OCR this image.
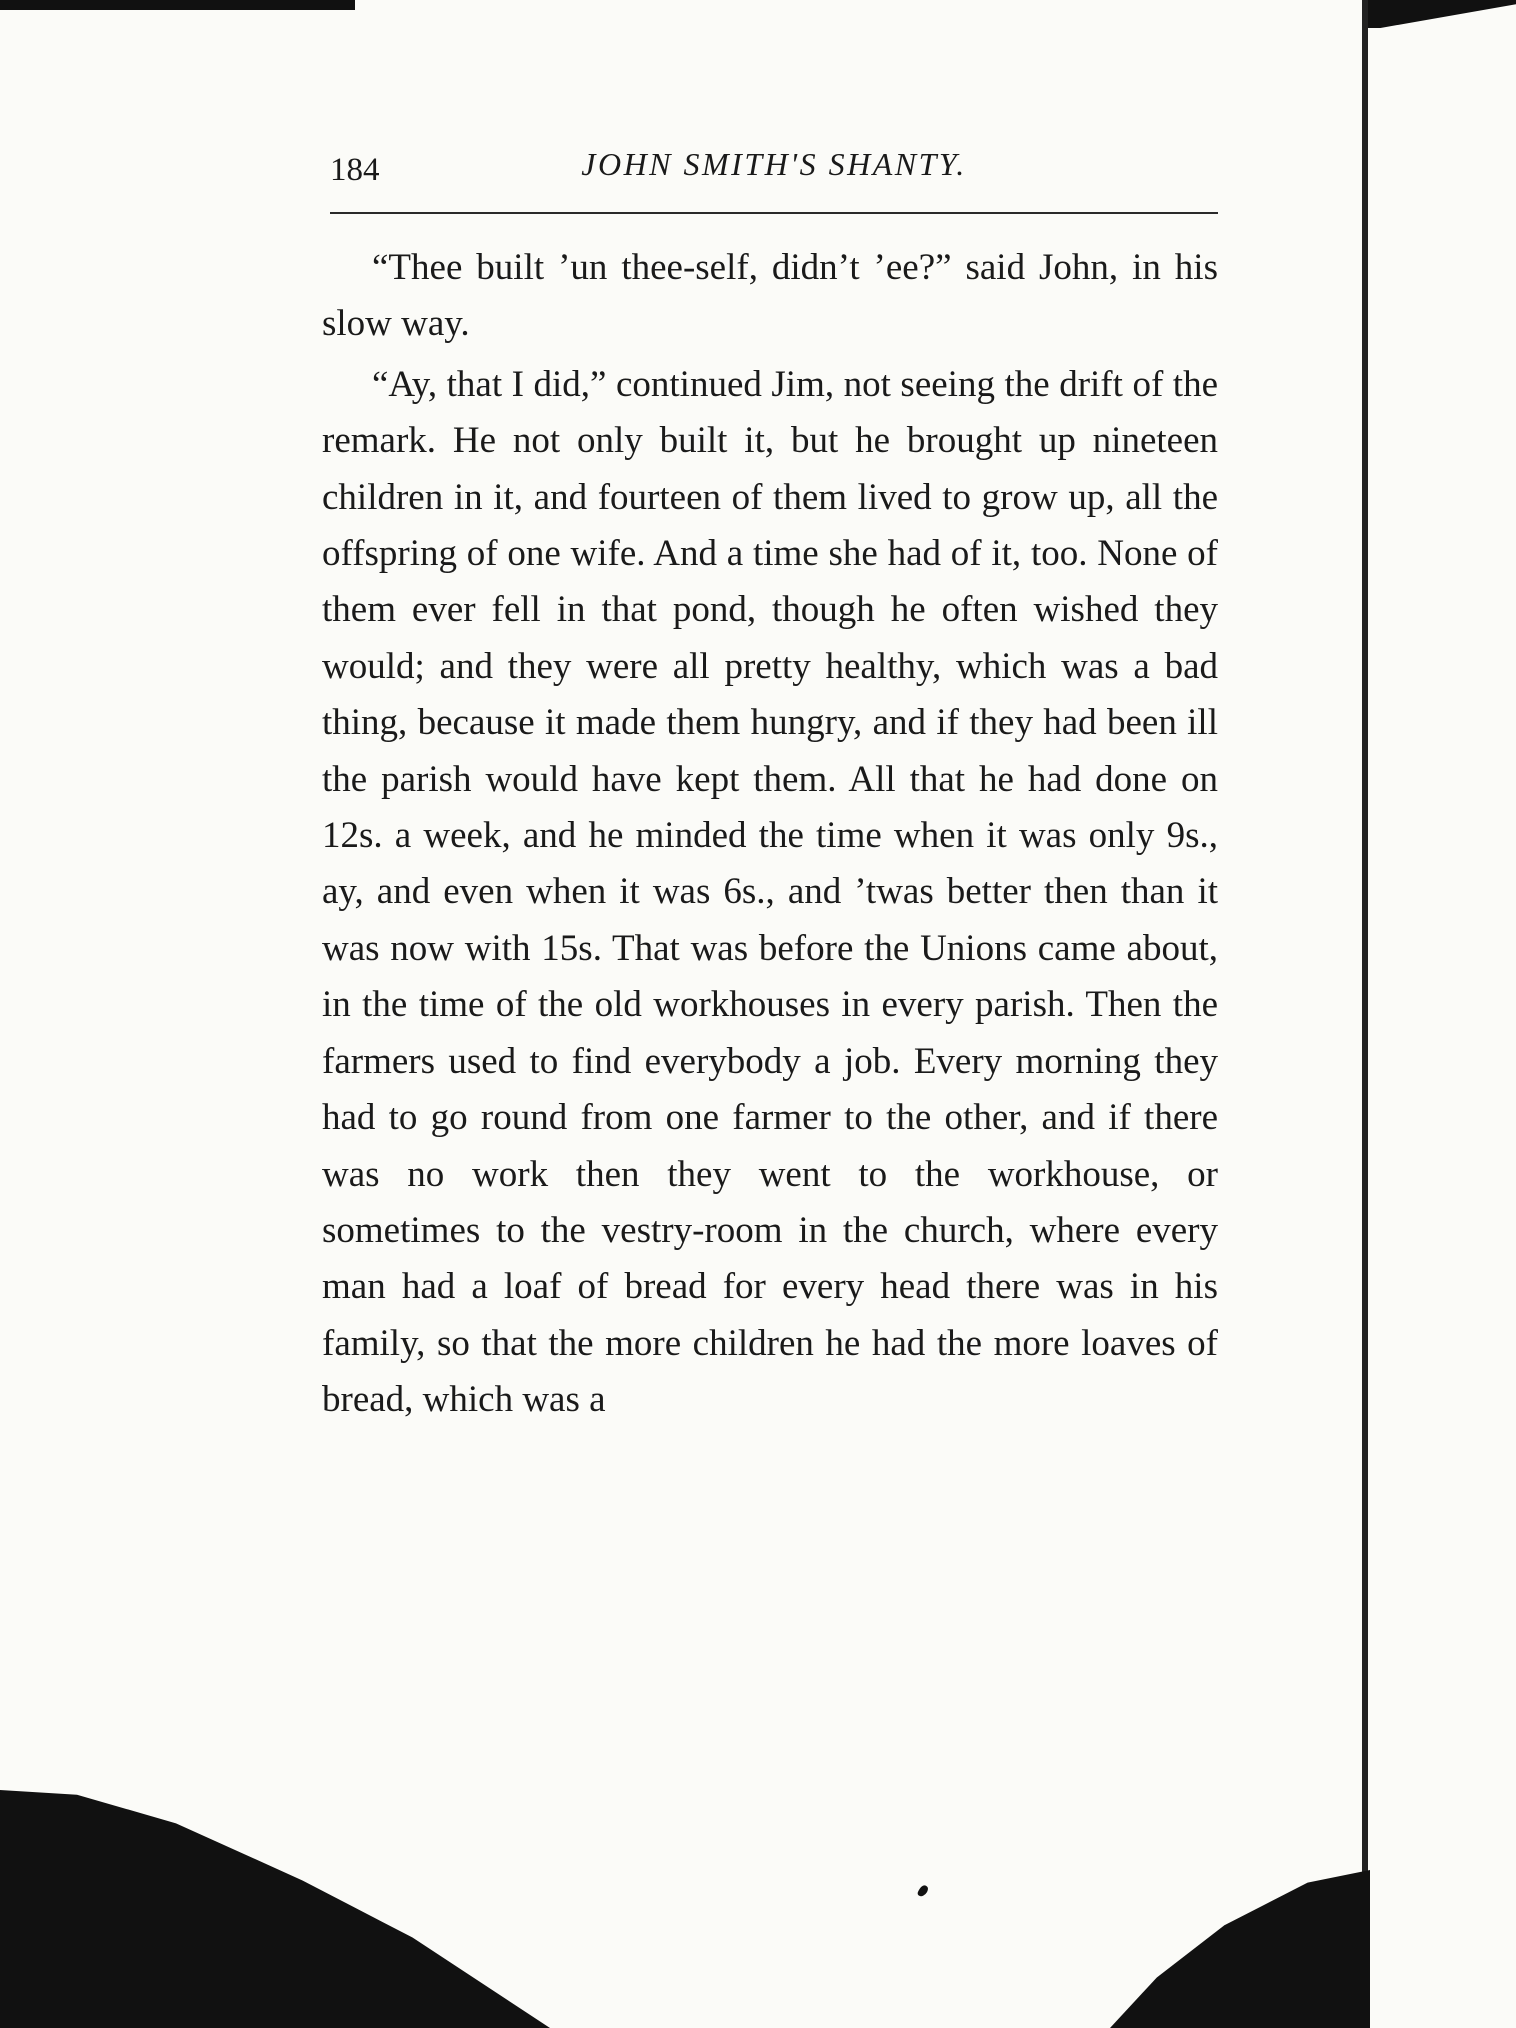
184	JOHN SMITH'S SHANTY.

“Thee built ’un thee-self, didn’t ’ee?” said John, in his slow way.

“Ay, that I did,” continued Jim, not seeing the drift of the remark. He not only built it, but he brought up nineteen children in it, and fourteen of them lived to grow up, all the offspring of one wife. And a time she had of it, too. None of them ever fell in that pond, though he often wished they would; and they were all pretty healthy, which was a bad thing, because it made them hungry, and if they had been ill the parish would have kept them. All that he had done on 12s. a week, and he minded the time when it was only 9s., ay, and even when it was 6s., and ’twas better then than it was now with 15s. That was before the Unions came about, in the time of the old workhouses in every parish. Then the farmers used to find everybody a job. Every morning they had to go round from one farmer to the other, and if there was no work then they went to the workhouse, or sometimes to the vestry-room in the church, where every man had a loaf of bread for every head there was in his family, so that the more children he had the more loaves of bread, which was a
